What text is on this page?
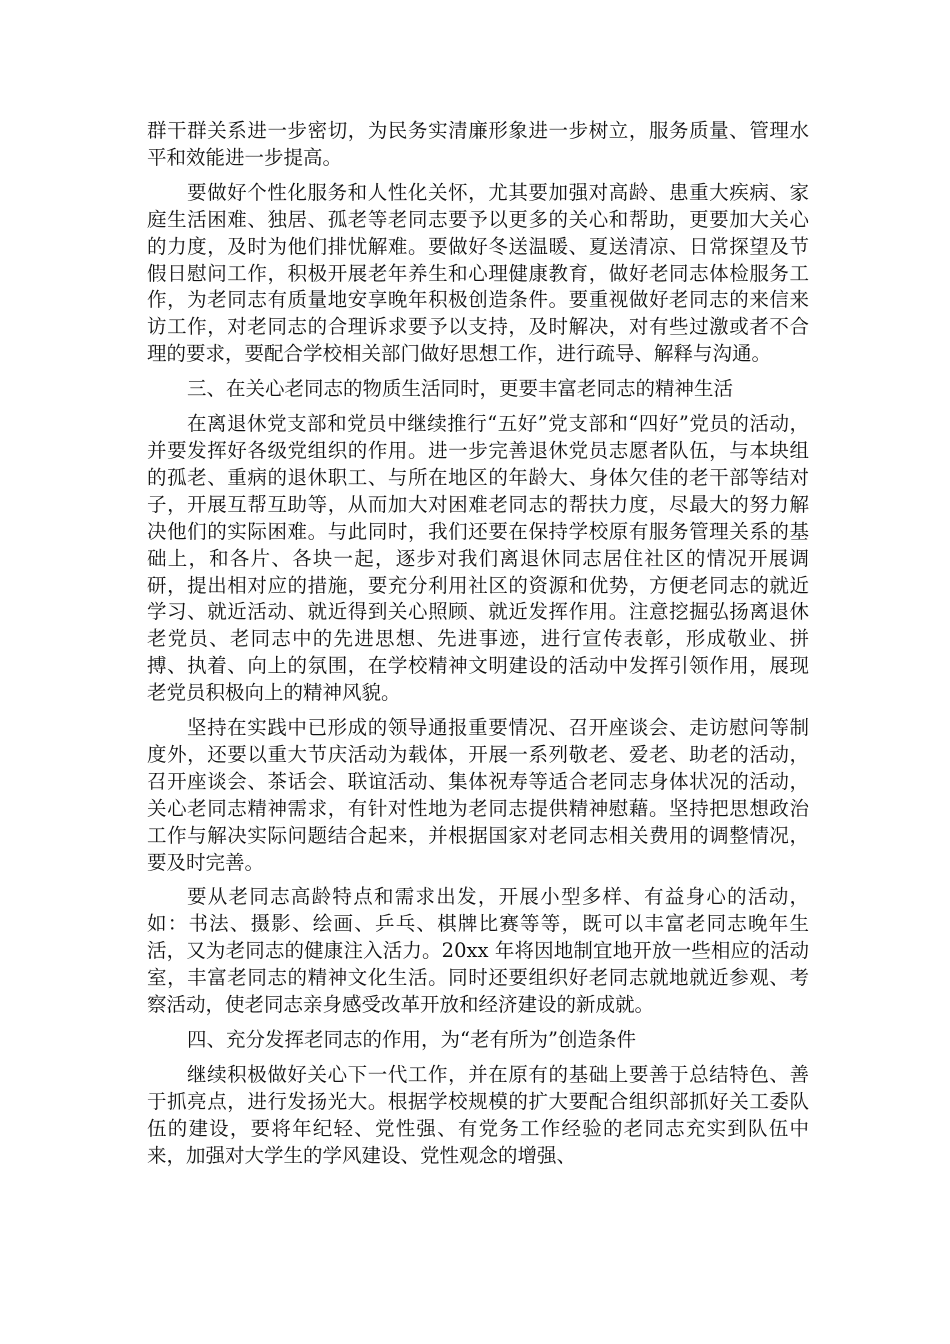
群干群关系进一步密切，为民务实清廉形象进一步树立，服务质量、管理水平和效能进一步提高。

要做好个性化服务和人性化关怀，尤其要加强对高龄、患重大疾病、家庭生活困难、独居、孤老等老同志要予以更多的关心和帮助，更要加大关心的力度，及时为他们排忧解难。要做好冬送温暖、夏送清凉、日常探望及节假日慰问工作，积极开展老年养生和心理健康教育，做好老同志体检服务工作，为老同志有质量地安享晚年积极创造条件。要重视做好老同志的来信来访工作，对老同志的合理诉求要予以支持，及时解决，对有些过激或者不合理的要求，要配合学校相关部门做好思想工作，进行疏导、解释与沟通。

三、在关心老同志的物质生活同时，更要丰富老同志的精神生活

在离退休党支部和党员中继续推行“五好”党支部和“四好”党员的活动，并要发挥好各级党组织的作用。进一步完善退休党员志愿者队伍，与本块组的孤老、重病的退休职工、与所在地区的年龄大、身体欠佳的老干部等结对子，开展互帮互助等，从而加大对困难老同志的帮扶力度，尽最大的努力解决他们的实际困难。与此同时，我们还要在保持学校原有服务管理关系的基础上，和各片、各块一起，逐步对我们离退休同志居住社区的情况开展调研，提出相对应的措施，要充分利用社区的资源和优势，方便老同志的就近学习、就近活动、就近得到关心照顾、就近发挥作用。注意挖掘弘扬离退休老党员、老同志中的先进思想、先进事迹，进行宣传表彰，形成敬业、拼搏、执着、向上的氛围，在学校精神文明建设的活动中发挥引领作用，展现老党员积极向上的精神风貌。

坚持在实践中已形成的领导通报重要情况、召开座谈会、走访慰问等制度外，还要以重大节庆活动为载体，开展一系列敬老、爱老、助老的活动，召开座谈会、茶话会、联谊活动、集体祝寿等适合老同志身体状况的活动，关心老同志精神需求，有针对性地为老同志提供精神慰藉。坚持把思想政治工作与解决实际问题结合起来，并根据国家对老同志相关费用的调整情况，要及时完善。

要从老同志高龄特点和需求出发，开展小型多样、有益身心的活动，如：书法、摄影、绘画、乒乓、棋牌比赛等等，既可以丰富老同志晚年生活，又为老同志的健康注入活力。20xx 年将因地制宜地开放一些相应的活动室，丰富老同志的精神文化生活。同时还要组织好老同志就地就近参观、考察活动，使老同志亲身感受改革开放和经济建设的新成就。

四、充分发挥老同志的作用，为“老有所为”创造条件

继续积极做好关心下一代工作，并在原有的基础上要善于总结特色、善于抓亮点，进行发扬光大。根据学校规模的扩大要配合组织部抓好关工委队伍的建设，要将年纪轻、党性强、有党务工作经验的老同志充实到队伍中来，加强对大学生的学风建设、党性观念的增强、
